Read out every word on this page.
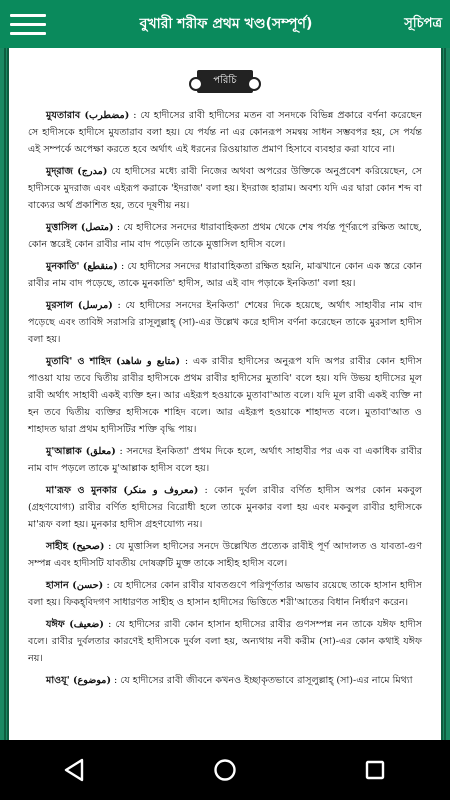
বুখারী শরীফ প্রথম খণ্ড(সম্পূর্ণ)	সূচিপত্র
পরিচি

মুযতারাব (مضطرب) : যে হাদীসের রাবী হাদীসের মতন বা সনদকে বিভিন্ন প্রকারে বর্ণনা করেছেন সে হাদীসকে হাদীসে মুযতারাব বলা হয়। যে পর্যন্ত না এর কোনরূপ সমন্বয় সাধন সম্ভবপর হয়, সে পর্যন্ত এই সম্পর্কে অপেক্ষা করতে হবে অর্থাৎ এই ধরনের রিওয়ায়াত প্রমাণ হিসাবে ব্যবহার করা যাবে না।

মুদ্‌রাজ (مدرج) যে হাদীসের মধ্যে রাবী নিজের অথবা অপরের উক্তিকে অনুপ্রবেশ করিয়েছেন, সে হাদীসকে মুদরাজ এবং এইরূপ করাকে 'ইদরাজ' বলা হয়। ইদরাজ হারাম। অবশ্য যদি এর দ্বারা কোন শব্দ বা বাক্যের অর্থ প্রকাশিত হয়, তবে দূষণীয় নয়।

মুত্তাসিল (متصل) : যে হাদীসের সনদের ধারাবাহিকতা প্রথম থেকে শেষ পর্যন্ত পূর্ণরূপে রক্ষিত আছে, কোন স্তরেই কোন রাবীর নাম বাদ পড়েনি তাকে মুত্তাসিল হাদীস বলে।

মুনকাতি' (منقطع) : যে হাদীসের সনদের ধারাবাহিকতা রক্ষিত হয়নি, মাঝখানে কোন এক স্তরে কোন রাবীর নাম বাদ পড়েছে, তাকে মুনকাতি' হাদীস, আর এই বাদ পড়াকে ইনকিতা' বলা হয়।

মুরসাল (مرسل) : যে হাদীসের সনদের ইনকিতা' শেষের দিকে হয়েছে, অর্থাৎ সাহাবীর নাম বাদ পড়েছে এবং তাবিঈ সরাসরি রাসূলুল্লাহ্‌ (সা)-এর উল্লেখ করে হাদীস বর্ণনা করেছেন তাকে মুরসাল হাদীস বলা হয়।

মুতাবি' ও শাহিদ (متابع و شاهد) : এক রাবীর হাদীসের অনুরূপ যদি অপর রাবীর কোন হাদীস পাওয়া যায় তবে দ্বিতীয় রাবীর হাদীসকে প্রথম রাবীর হাদীসের মুতাবি' বলে হয়। যদি উভয় হাদীসের মূল রাবী অর্থাৎ সাহাবী একই ব্যক্তি হন। আর এইরূপ হওয়াকে মুতাবা'আত বলে। যদি মূল রাবী একই ব্যক্তি না হন তবে দ্বিতীয় ব্যক্তির হাদীসকে শাহিদ বলে। আর এইরূপ হওয়াকে শাহাদত বলে। মুতাবা'আত ও শাহাদত দ্বারা প্রথম হাদীসটির শক্তি বৃদ্ধি পায়।

মু'আল্লাক (معلق) : সনদের ইনকিতা' প্রথম দিকে হলে, অর্থাৎ সাহাবীর পর এক বা একাধিক রাবীর নাম বাদ পড়লে তাকে মু'আল্লাক হাদীস বলে হয়।

মা'রূফ ও মুনকার (معروف و منكر) : কোন দুর্বল রাবীর বর্ণিত হাদীস অপর কোন মকবুল (গ্রহণযোগ্য) রাবীর বর্ণিত হাদীসের বিরোধী হলে তাকে মুনকার বলা হয় এবং মকবুল রাবীর হাদীসকে মা'রূফ বলা হয়। মুনকার হাদীস গ্রহণযোগ্য নয়।

সাহীহ (صحيح) : যে মুত্তাসিল হাদীসের সনদে উল্লেখিত প্রত্যেক রাবীই পূর্ণ আদালত ও যাবতা-গুণ সম্পন্ন এবং হাদীসটি যাবতীয় দোষত্রুটি মুক্ত তাকে সাহীহ হাদীস বলে।

হাসান (حسن) : যে হাদীসের কোন রাবীর যাবতগুণে পরিপূর্ণতার অভাব রয়েছে তাকে হাসান হাদীস বলা হয়। ফিকহ্‌বিদগণ সাধারণত সাহীহ ও হাসান হাদীসের ভিত্তিতে শরী'আতের বিধান নির্ধারণ করেন।

যঈফ (ضعيف) : যে হাদীসের রাবী কোন হাসান হাদীসের রাবীর গুণসম্পন্ন নন তাকে যঈফ হাদীস বলে। রাবীর দুর্বলতার কারণেই হাদীসকে দুর্বল বলা হয়, অন্যথায় নবী করীম (সা)-এর কোন কথাই যঈফ নয়।

মাওযূ' (موضوع) : যে হাদীসের রাবী জীবনে কখনও ইচ্ছাকৃতভাবে রাসূলুল্লাহ্‌ (সা)-এর নামে মিথ্যা
